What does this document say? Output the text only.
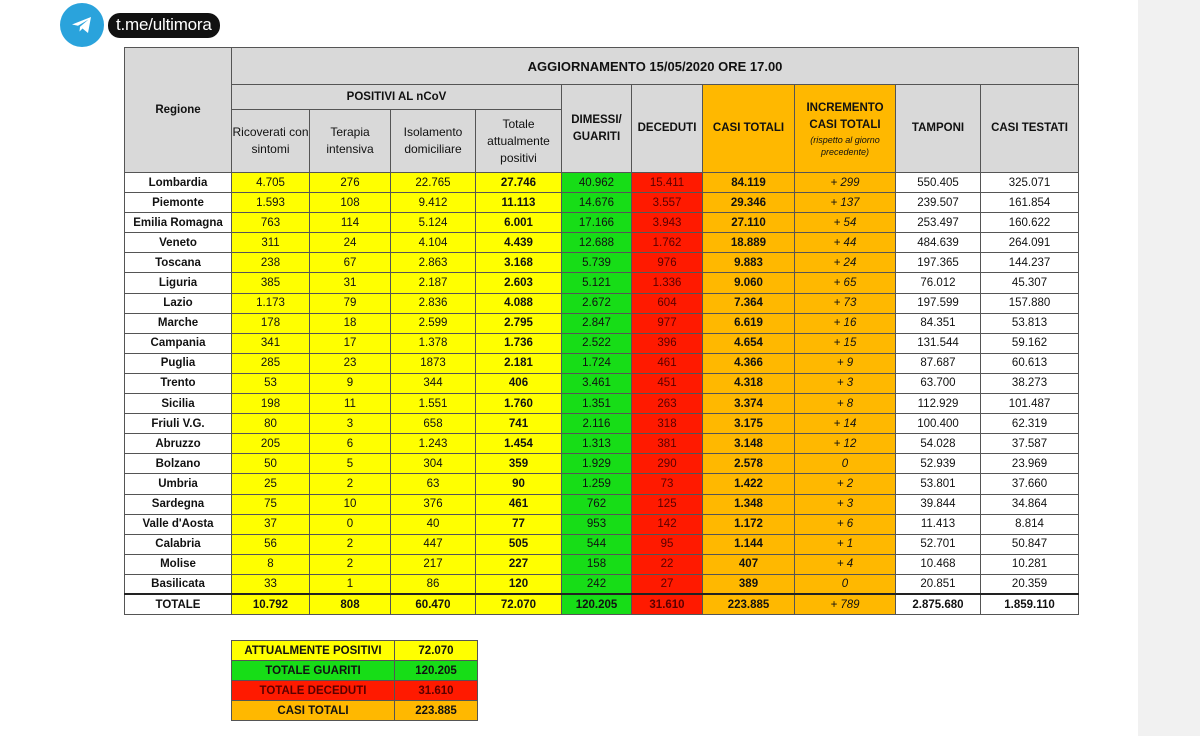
t.me/ultimora
Regione	AGGIORNAMENTO 15/05/2020 ORE 17.00									
	POSITIVI AL nCoV				DIMESSI/ GUARITI	DECEDUTI	CASI TOTALI	INCREMENTO CASI TOTALI
(rispetto al giorno precedente)	TAMPONI	CASI TESTATI
	Ricoverati con sintomi	Terapia intensiva	Isolamento domiciliare	Totale attualmente positivi						
Lombardia	4.705	276	22.765	27.746	40.962	15.411	84.119	+ 299	550.405	325.071
Piemonte	1.593	108	9.412	11.113	14.676	3.557	29.346	+ 137	239.507	161.854
Emilia Romagna	763	114	5.124	6.001	17.166	3.943	27.110	+ 54	253.497	160.622
Veneto	311	24	4.104	4.439	12.688	1.762	18.889	+ 44	484.639	264.091
Toscana	238	67	2.863	3.168	5.739	976	9.883	+ 24	197.365	144.237
Liguria	385	31	2.187	2.603	5.121	1.336	9.060	+ 65	76.012	45.307
Lazio	1.173	79	2.836	4.088	2.672	604	7.364	+ 73	197.599	157.880
Marche	178	18	2.599	2.795	2.847	977	6.619	+ 16	84.351	53.813
Campania	341	17	1.378	1.736	2.522	396	4.654	+ 15	131.544	59.162
Puglia	285	23	1873	2.181	1.724	461	4.366	+ 9	87.687	60.613
Trento	53	9	344	406	3.461	451	4.318	+ 3	63.700	38.273
Sicilia	198	11	1.551	1.760	1.351	263	3.374	+ 8	112.929	101.487
Friuli V.G.	80	3	658	741	2.116	318	3.175	+ 14	100.400	62.319
Abruzzo	205	6	1.243	1.454	1.313	381	3.148	+ 12	54.028	37.587
Bolzano	50	5	304	359	1.929	290	2.578	0	52.939	23.969
Umbria	25	2	63	90	1.259	73	1.422	+ 2	53.801	37.660
Sardegna	75	10	376	461	762	125	1.348	+ 3	39.844	34.864
Valle d'Aosta	37	0	40	77	953	142	1.172	+ 6	11.413	8.814
Calabria	56	2	447	505	544	95	1.144	+ 1	52.701	50.847
Molise	8	2	217	227	158	22	407	+ 4	10.468	10.281
Basilicata	33	1	86	120	242	27	389	0	20.851	20.359
TOTALE	10.792	808	60.470	72.070	120.205	31.610	223.885	+ 789	2.875.680	1.859.110
ATTUALMENTE POSITIVI	72.070
TOTALE GUARITI	120.205
TOTALE DECEDUTI	31.610
CASI TOTALI	223.885
